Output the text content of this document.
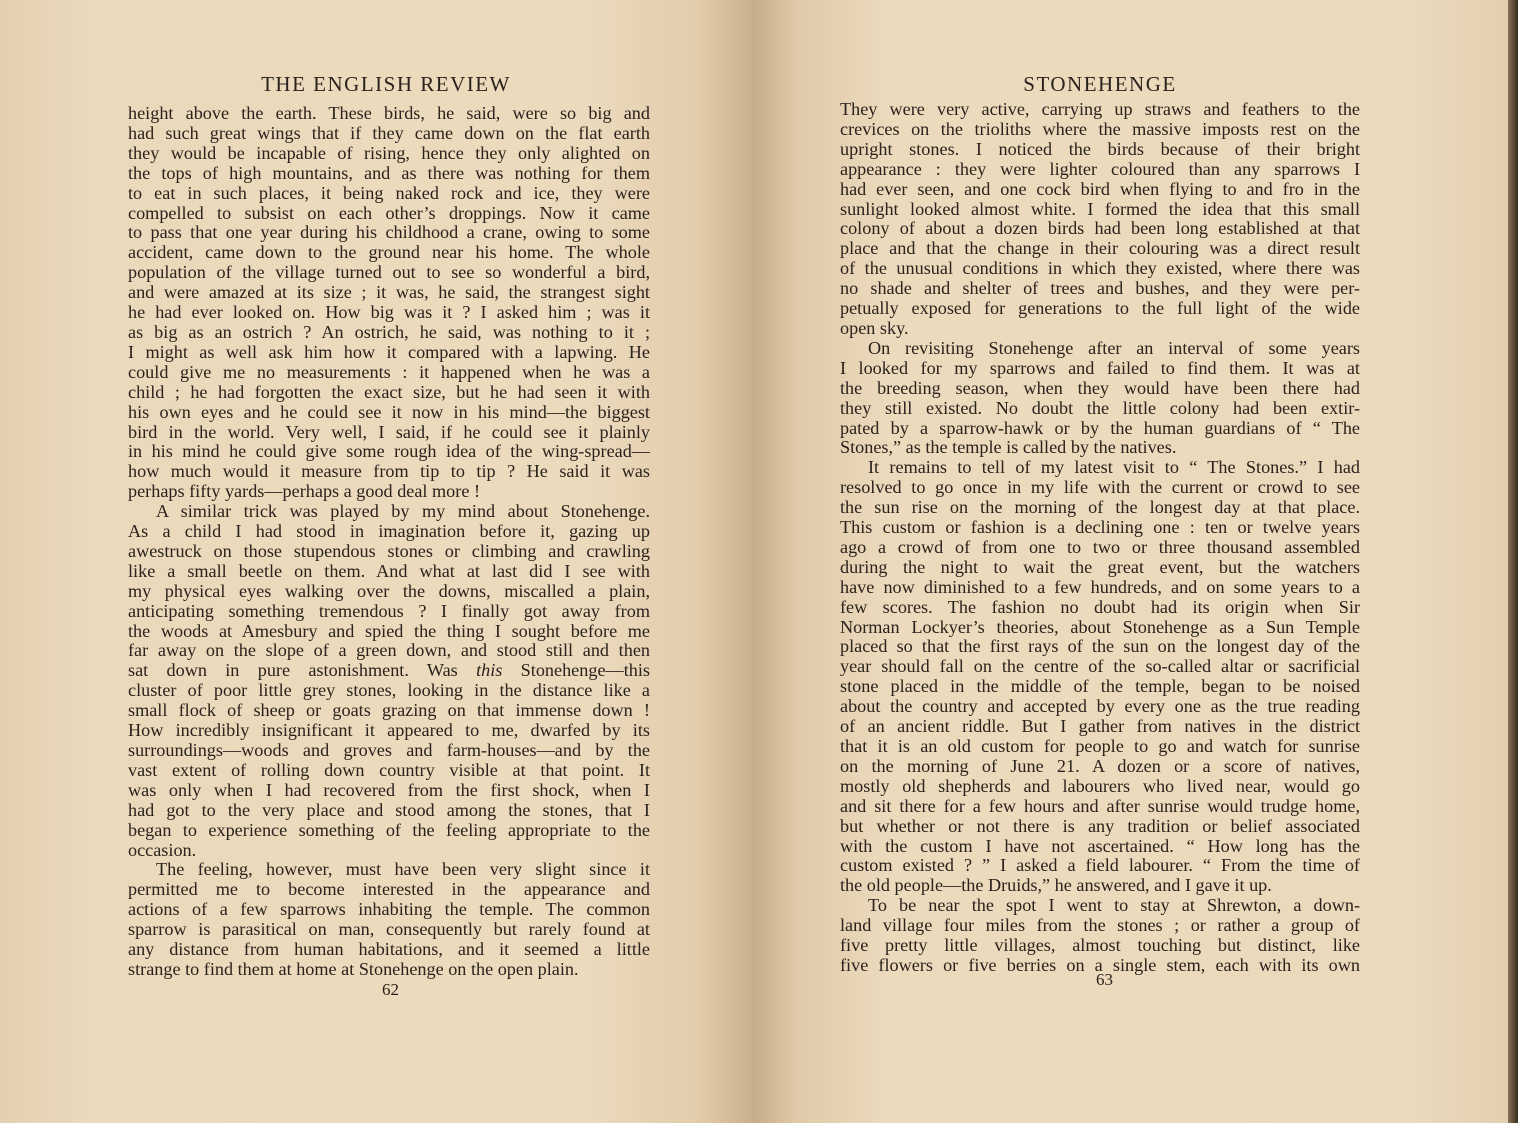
THE ENGLISH REVIEW
height above the earth. These birds, he said, were so big and
had such great wings that if they came down on the flat earth
they would be incapable of rising, hence they only alighted on
the tops of high mountains, and as there was nothing for them
to eat in such places, it being naked rock and ice, they were
compelled to subsist on each other’s droppings. Now it came
to pass that one year during his childhood a crane, owing to some
accident, came down to the ground near his home. The whole
population of the village turned out to see so wonderful a bird,
and were amazed at its size ; it was, he said, the strangest sight
he had ever looked on. How big was it ? I asked him ; was it
as big as an ostrich ? An ostrich, he said, was nothing to it ;
I might as well ask him how it compared with a lapwing. He
could give me no measurements : it happened when he was a
child ; he had forgotten the exact size, but he had seen it with
his own eyes and he could see it now in his mind—the biggest
bird in the world. Very well, I said, if he could see it plainly
in his mind he could give some rough idea of the wing-spread—
how much would it measure from tip to tip ? He said it was
perhaps fifty yards—perhaps a good deal more !
A similar trick was played by my mind about Stonehenge.
As a child I had stood in imagination before it, gazing up
awestruck on those stupendous stones or climbing and crawling
like a small beetle on them. And what at last did I see with
my physical eyes walking over the downs, miscalled a plain,
anticipating something tremendous ? I finally got away from
the woods at Amesbury and spied the thing I sought before me
far away on the slope of a green down, and stood still and then
sat down in pure astonishment. Was this Stonehenge—this
cluster of poor little grey stones, looking in the distance like a
small flock of sheep or goats grazing on that immense down !
How incredibly insignificant it appeared to me, dwarfed by its
surroundings—woods and groves and farm-houses—and by the
vast extent of rolling down country visible at that point. It
was only when I had recovered from the first shock, when I
had got to the very place and stood among the stones, that I
began to experience something of the feeling appropriate to the
occasion.
The feeling, however, must have been very slight since it
permitted me to become interested in the appearance and
actions of a few sparrows inhabiting the temple. The common
sparrow is parasitical on man, consequently but rarely found at
any distance from human habitations, and it seemed a little
strange to find them at home at Stonehenge on the open plain.
62
STONEHENGE
They were very active, carrying up straws and feathers to the
crevices on the trioliths where the massive imposts rest on the
upright stones. I noticed the birds because of their bright
appearance : they were lighter coloured than any sparrows I
had ever seen, and one cock bird when flying to and fro in the
sunlight looked almost white. I formed the idea that this small
colony of about a dozen birds had been long established at that
place and that the change in their colouring was a direct result
of the unusual conditions in which they existed, where there was
no shade and shelter of trees and bushes, and they were per-
petually exposed for generations to the full light of the wide
open sky.
On revisiting Stonehenge after an interval of some years
I looked for my sparrows and failed to find them. It was at
the breeding season, when they would have been there had
they still existed. No doubt the little colony had been extir-
pated by a sparrow-hawk or by the human guardians of “ The
Stones,” as the temple is called by the natives.
It remains to tell of my latest visit to “ The Stones.” I had
resolved to go once in my life with the current or crowd to see
the sun rise on the morning of the longest day at that place.
This custom or fashion is a declining one : ten or twelve years
ago a crowd of from one to two or three thousand assembled
during the night to wait the great event, but the watchers
have now diminished to a few hundreds, and on some years to a
few scores. The fashion no doubt had its origin when Sir
Norman Lockyer’s theories, about Stonehenge as a Sun Temple
placed so that the first rays of the sun on the longest day of the
year should fall on the centre of the so-called altar or sacrificial
stone placed in the middle of the temple, began to be noised
about the country and accepted by every one as the true reading
of an ancient riddle. But I gather from natives in the district
that it is an old custom for people to go and watch for sunrise
on the morning of June 21. A dozen or a score of natives,
mostly old shepherds and labourers who lived near, would go
and sit there for a few hours and after sunrise would trudge home,
but whether or not there is any tradition or belief associated
with the custom I have not ascertained. “ How long has the
custom existed ? ” I asked a field labourer. “ From the time of
the old people—the Druids,” he answered, and I gave it up.
To be near the spot I went to stay at Shrewton, a down-
land village four miles from the stones ; or rather a group of
five pretty little villages, almost touching but distinct, like
five flowers or five berries on a single stem, each with its own
63
